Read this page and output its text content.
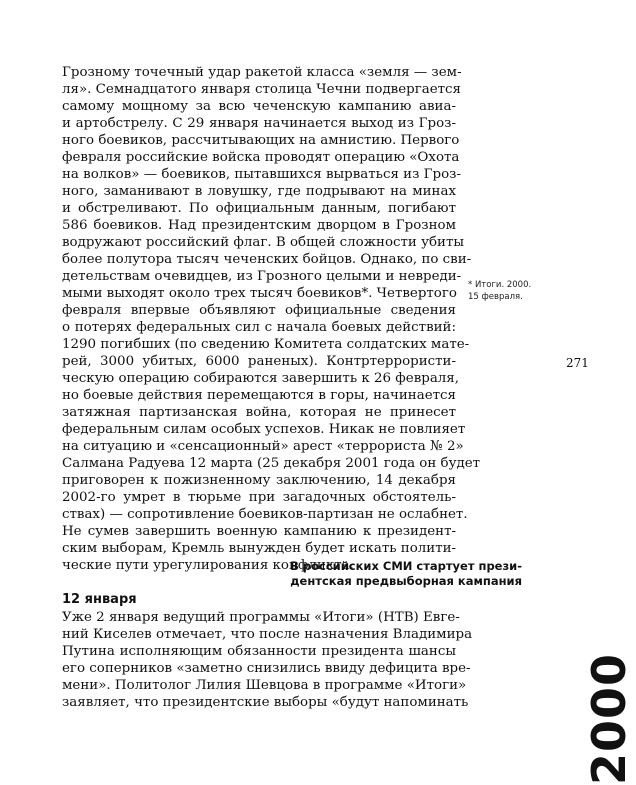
Грозному точечный удар ракетой класса «земля — зем-
ля». Семнадцатого января столица Чечни подвергается
самому мощному за всю чеченскую кампанию авиа-
и артобстрелу. С 29 января начинается выход из Гроз-
ного боевиков, рассчитывающих на амнистию. Первого
февраля российские войска проводят операцию «Охота
на волков» — боевиков, пытавшихся вырваться из Гроз-
ного, заманивают в ловушку, где подрывают на минах
и обстреливают. По официальным данным, погибают
586 боевиков. Над президентским дворцом в Грозном
водружают российский флаг. В общей сложности убиты
более полутора тысяч чеченских бойцов. Однако, по сви-
детельствам очевидцев, из Грозного целыми и невреди-
мыми выходят около трех тысяч боевиков*. Четвертого
февраля впервые объявляют официальные сведения
о потерях федеральных сил с начала боевых действий:
1290 погибших (по сведению Комитета солдатских мате-
рей, 3000 убитых, 6000 раненых). Контртеррористи-
ческую операцию собираются завершить к 26 февраля,
но боевые действия перемещаются в горы, начинается
затяжная партизанская война, которая не принесет
федеральным силам особых успехов. Никак не повлияет
на ситуацию и «сенсационный» арест «террориста № 2»
Салмана Радуева 12 марта (25 декабря 2001 года он будет
приговорен к пожизненному заключению, 14 декабря
2002-го умрет в тюрьме при загадочных обстоятель-
ствах) — сопротивление боевиков-партизан не ослабнет.
Не сумев завершить военную кампанию к президент-
ским выборам, Кремль вынужден будет искать полити-
ческие пути урегулирования конфликта.
* Итоги. 2000.
15 февраля.
271
В российских СМИ стартует прези-
дентская предвыборная кампания
12 января
Уже 2 января ведущий программы «Итоги» (НТВ) Евге-
ний Киселев отмечает, что после назначения Владимира
Путина исполняющим обязанности президента шансы
его соперников «заметно снизились ввиду дефицита вре-
мени». Политолог Лилия Шевцова в программе «Итоги»
заявляет, что президентские выборы «будут напоминать 2000
